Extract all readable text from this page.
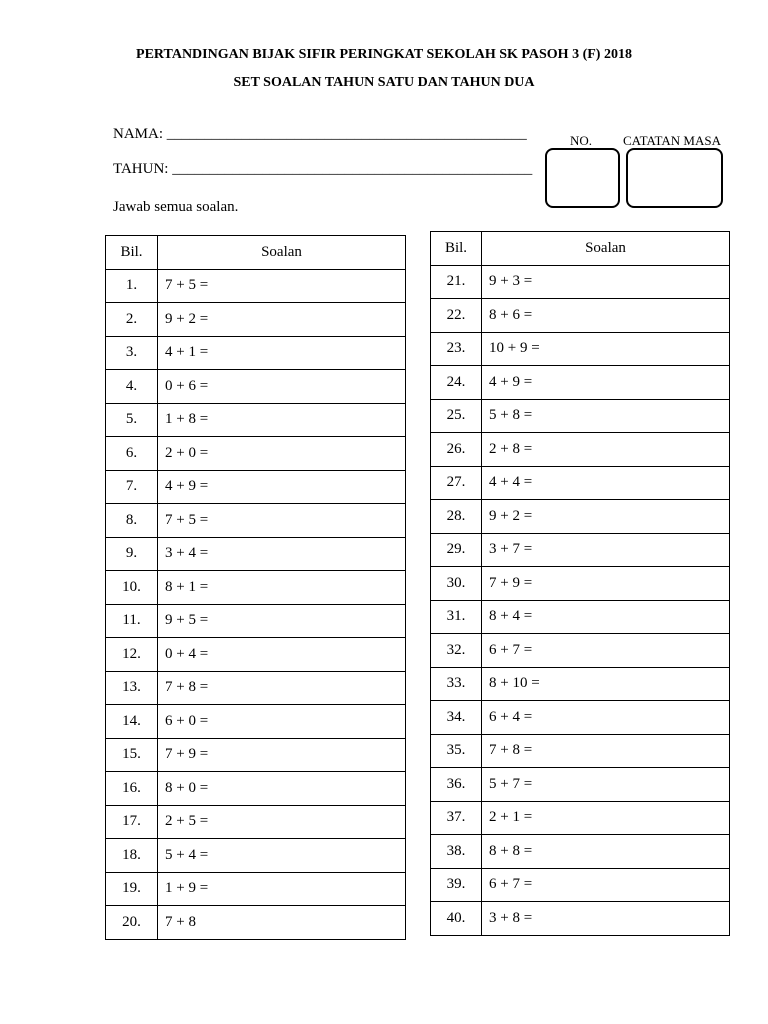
PERTANDINGAN BIJAK SIFIR PERINGKAT SEKOLAH SK PASOH 3 (F) 2018
SET SOALAN TAHUN SATU DAN TAHUN DUA
NAMA: ________________________________________________
TAHUN: ________________________________________________
Jawab semua soalan.
NO. CATATAN MASA
Bil.	Soalan
1.	7 + 5 =
2.	9 + 2 =
3.	4 + 1 =
4.	0 + 6 =
5.	1 + 8 =
6.	2 + 0 =
7.	4 + 9 =
8.	7 + 5 =
9.	3 + 4 =
10.	8 + 1 =
11.	9 + 5 =
12.	0 + 4 =
13.	7 + 8 =
14.	6 + 0 =
15.	7 + 9 =
16.	8 + 0 =
17.	2 + 5 =
18.	5 + 4 =
19.	1 + 9 =
20.	7 + 8
Bil.	Soalan
21.	9 + 3 =
22.	8 + 6 =
23.	10 + 9 =
24.	4 + 9 =
25.	5 + 8 =
26.	2 + 8 =
27.	4 + 4 =
28.	9 + 2 =
29.	3 + 7 =
30.	7 + 9 =
31.	8 + 4 =
32.	6 + 7 =
33.	8 + 10 =
34.	6 + 4 =
35.	7 + 8 =
36.	5 + 7 =
37.	2 + 1 =
38.	8 + 8 =
39.	6 + 7 =
40.	3 + 8 =
